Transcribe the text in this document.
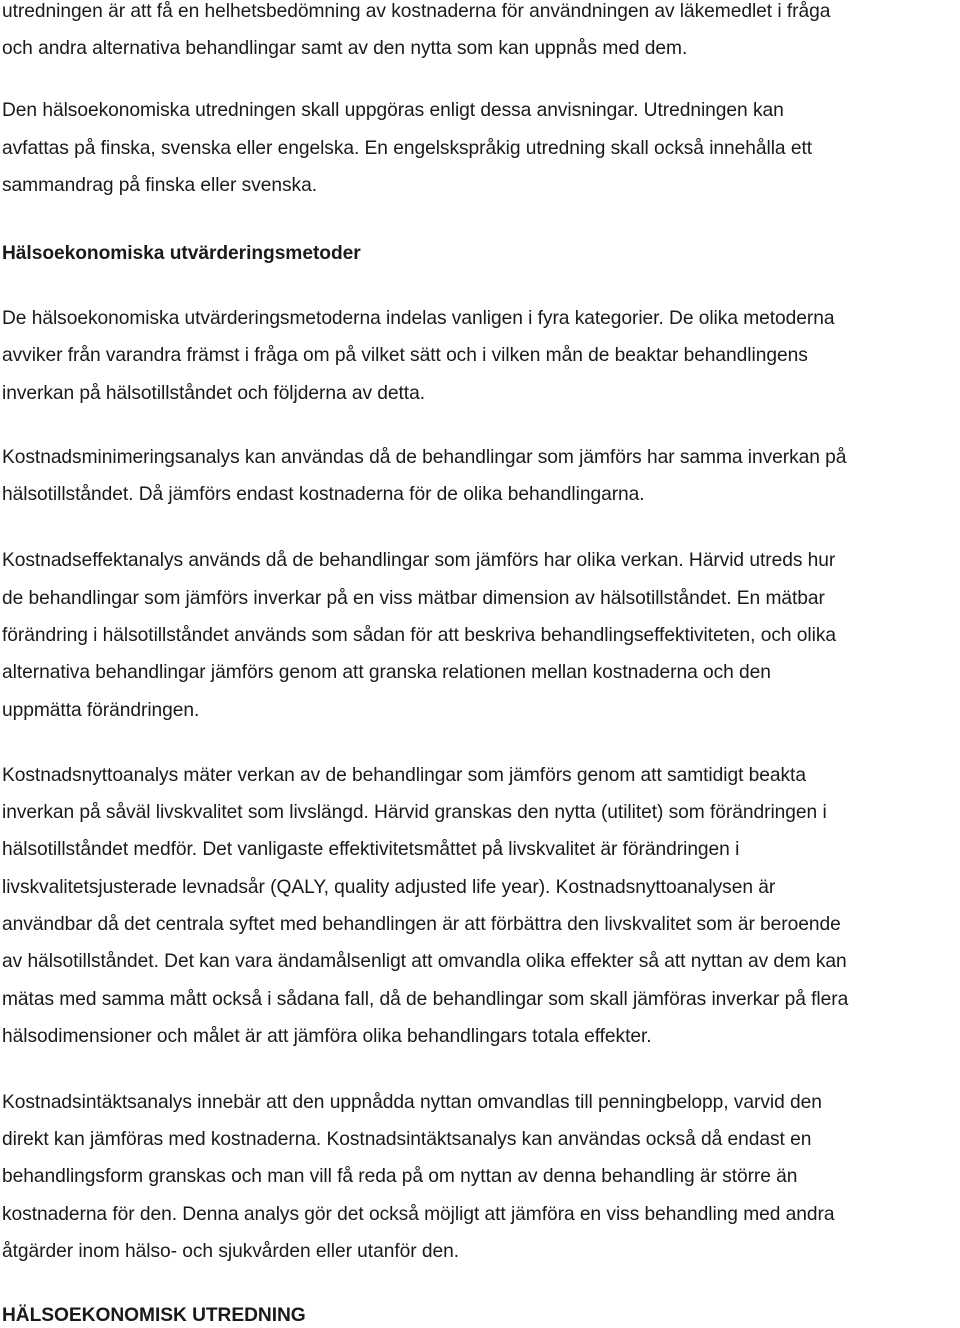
utredningen är att få en helhetsbedömning av kostnaderna för användningen av läkemedlet i fråga
och andra alternativa behandlingar samt av den nytta som kan uppnås med dem.
Den hälsoekonomiska utredningen skall uppgöras enligt dessa anvisningar. Utredningen kan
avfattas på finska, svenska eller engelska. En engelskspråkig utredning skall också innehålla ett
sammandrag på finska eller svenska.
Hälsoekonomiska utvärderingsmetoder
De hälsoekonomiska utvärderingsmetoderna indelas vanligen i fyra kategorier. De olika metoderna
avviker från varandra främst i fråga om på vilket sätt och i vilken mån de beaktar behandlingens
inverkan på hälsotillståndet och följderna av detta.
Kostnadsminimeringsanalys kan användas då de behandlingar som jämförs har samma inverkan på
hälsotillståndet. Då jämförs endast kostnaderna för de olika behandlingarna.
Kostnadseffektanalys används då de behandlingar som jämförs har olika verkan. Härvid utreds hur
de behandlingar som jämförs inverkar på en viss mätbar dimension av hälsotillståndet. En mätbar
förändring i hälsotillståndet används som sådan för att beskriva behandlingseffektiviteten, och olika
alternativa behandlingar jämförs genom att granska relationen mellan kostnaderna och den
uppmätta förändringen.
Kostnadsnyttoanalys mäter verkan av de behandlingar som jämförs genom att samtidigt beakta
inverkan på såväl livskvalitet som livslängd. Härvid granskas den nytta (utilitet) som förändringen i
hälsotillståndet medför. Det vanligaste effektivitetsmåttet på livskvalitet är förändringen i
livskvalitetsjusterade levnadsår (QALY, quality adjusted life year). Kostnadsnyttoanalysen är
användbar då det centrala syftet med behandlingen är att förbättra den livskvalitet som är beroende
av hälsotillståndet. Det kan vara ändamålsenligt att omvandla olika effekter så att nyttan av dem kan
mätas med samma mått också i sådana fall, då de behandlingar som skall jämföras inverkar på flera
hälsodimensioner och målet är att jämföra olika behandlingars totala effekter.
Kostnadsintäktsanalys innebär att den uppnådda nyttan omvandlas till penningbelopp, varvid den
direkt kan jämföras med kostnaderna. Kostnadsintäktsanalys kan användas också då endast en
behandlingsform granskas och man vill få reda på om nyttan av denna behandling är större än
kostnaderna för den. Denna analys gör det också möjligt att jämföra en viss behandling med andra
åtgärder inom hälso- och sjukvården eller utanför den.
HÄLSOEKONOMISK UTREDNING
